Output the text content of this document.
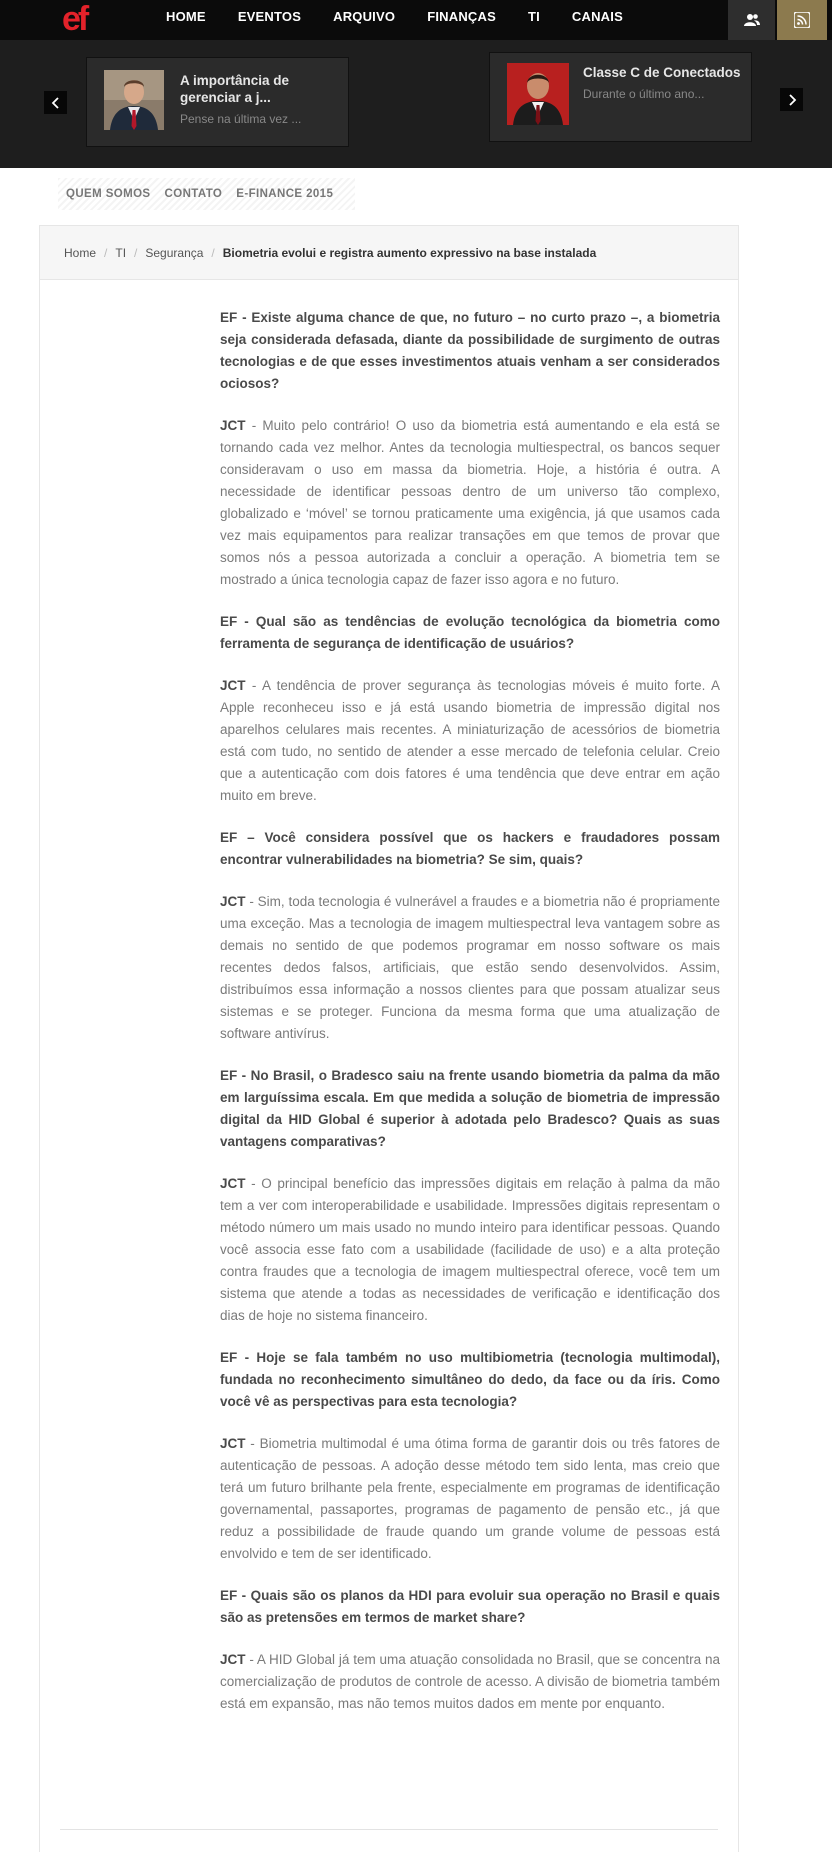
ef	HOME EVENTOS ARQUIVO FINANÇAS TI CANAIS
A importância de gerenciar a j...
Pense na última vez ...
Classe C de Conectados
Durante o último ano...
QUEM SOMOS CONTATO E-FINANCE 2015
Home / TI / Segurança / Biometria evolui e registra aumento expressivo na base instalada

EF - Existe alguma chance de que, no futuro – no curto prazo –, a biometria seja considerada defasada, diante da possibilidade de surgimento de outras tecnologias e de que esses investimentos atuais venham a ser considerados ociosos?

JCT - Muito pelo contrário! O uso da biometria está aumentando e ela está se tornando cada vez melhor. Antes da tecnologia multiespectral, os bancos sequer consideravam o uso em massa da biometria. Hoje, a história é outra. A necessidade de identificar pessoas dentro de um universo tão complexo, globalizado e ‘móvel’ se tornou praticamente uma exigência, já que usamos cada vez mais equipamentos para realizar transações em que temos de provar que somos nós a pessoa autorizada a concluir a operação. A biometria tem se mostrado a única tecnologia capaz de fazer isso agora e no futuro.

EF - Qual são as tendências de evolução tecnológica da biometria como ferramenta de segurança de identificação de usuários?

JCT - A tendência de prover segurança às tecnologias móveis é muito forte. A Apple reconheceu isso e já está usando biometria de impressão digital nos aparelhos celulares mais recentes. A miniaturização de acessórios de biometria está com tudo, no sentido de atender a esse mercado de telefonia celular. Creio que a autenticação com dois fatores é uma tendência que deve entrar em ação muito em breve.

EF – Você considera possível que os hackers e fraudadores possam encontrar vulnerabilidades na biometria? Se sim, quais?

JCT - Sim, toda tecnologia é vulnerável a fraudes e a biometria não é propriamente uma exceção. Mas a tecnologia de imagem multiespectral leva vantagem sobre as demais no sentido de que podemos programar em nosso software os mais recentes dedos falsos, artificiais, que estão sendo desenvolvidos. Assim, distribuímos essa informação a nossos clientes para que possam atualizar seus sistemas e se proteger. Funciona da mesma forma que uma atualização de software antivírus.

EF - No Brasil, o Bradesco saiu na frente usando biometria da palma da mão em larguíssima escala. Em que medida a solução de biometria de impressão digital da HID Global é superior à adotada pelo Bradesco? Quais as suas vantagens comparativas?

JCT - O principal benefício das impressões digitais em relação à palma da mão tem a ver com interoperabilidade e usabilidade. Impressões digitais representam o método número um mais usado no mundo inteiro para identificar pessoas. Quando você associa esse fato com a usabilidade (facilidade de uso) e a alta proteção contra fraudes que a tecnologia de imagem multiespectral oferece, você tem um sistema que atende a todas as necessidades de verificação e identificação dos dias de hoje no sistema financeiro.

EF - Hoje se fala também no uso multibiometria (tecnologia multimodal), fundada no reconhecimento simultâneo do dedo, da face ou da íris. Como você vê as perspectivas para esta tecnologia?

JCT - Biometria multimodal é uma ótima forma de garantir dois ou três fatores de autenticação de pessoas. A adoção desse método tem sido lenta, mas creio que terá um futuro brilhante pela frente, especialmente em programas de identificação governamental, passaportes, programas de pagamento de pensão etc., já que reduz a possibilidade de fraude quando um grande volume de pessoas está envolvido e tem de ser identificado.

EF - Quais são os planos da HDI para evoluir sua operação no Brasil e quais são as pretensões em termos de market share?

JCT - A HID Global já tem uma atuação consolidada no Brasil, que se concentra na comercialização de produtos de controle de acesso. A divisão de biometria também está em expansão, mas não temos muitos dados em mente por enquanto.
